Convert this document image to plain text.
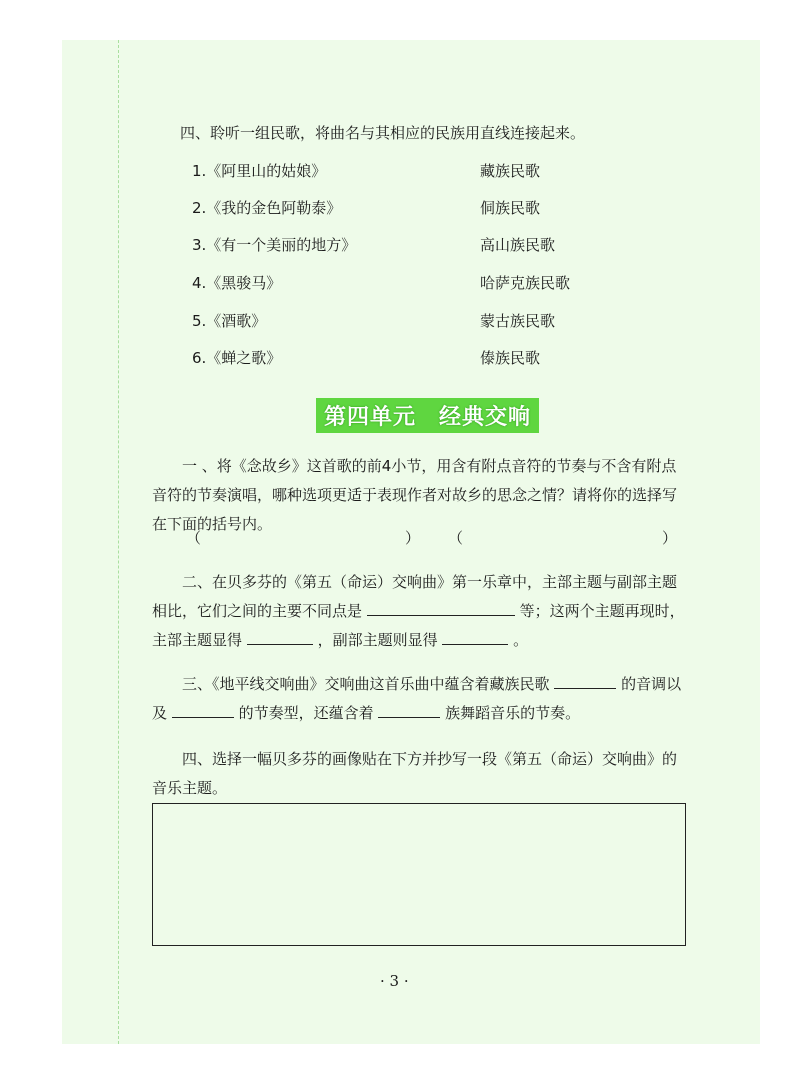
四、聆听一组民歌，将曲名与其相应的民族用直线连接起来。
1.《阿里山的姑娘》	藏族民歌
2.《我的金色阿勒泰》	侗族民歌
3.《有一个美丽的地方》	高山族民歌
4.《黑骏马》	哈萨克族民歌
5.《酒歌》	蒙古族民歌
6.《蝉之歌》	傣族民歌
第四单元　经典交响
一 、将《念故乡》这首歌的前4小节，用含有附点音符的节奏与不含有附点音符的节奏演唱，哪种选项更适于表现作者对故乡的思念之情？请将你的选择写在下面的括号内。
（	） （	）
二、在贝多芬的《第五（命运）交响曲》第一乐章中，主部主题与副部主题相比，它们之间的主要不同点是	等；这两个主题再现时，主部主题显得	，副部主题则显得	。
三、《地平线交响曲》交响曲这首乐曲中蕴含着藏族民歌	的音调以及	的节奏型，还蕴含着	族舞蹈音乐的节奏。
四、选择一幅贝多芬的画像贴在下方并抄写一段《第五（命运）交响曲》的音乐主题。
· 3 ·
